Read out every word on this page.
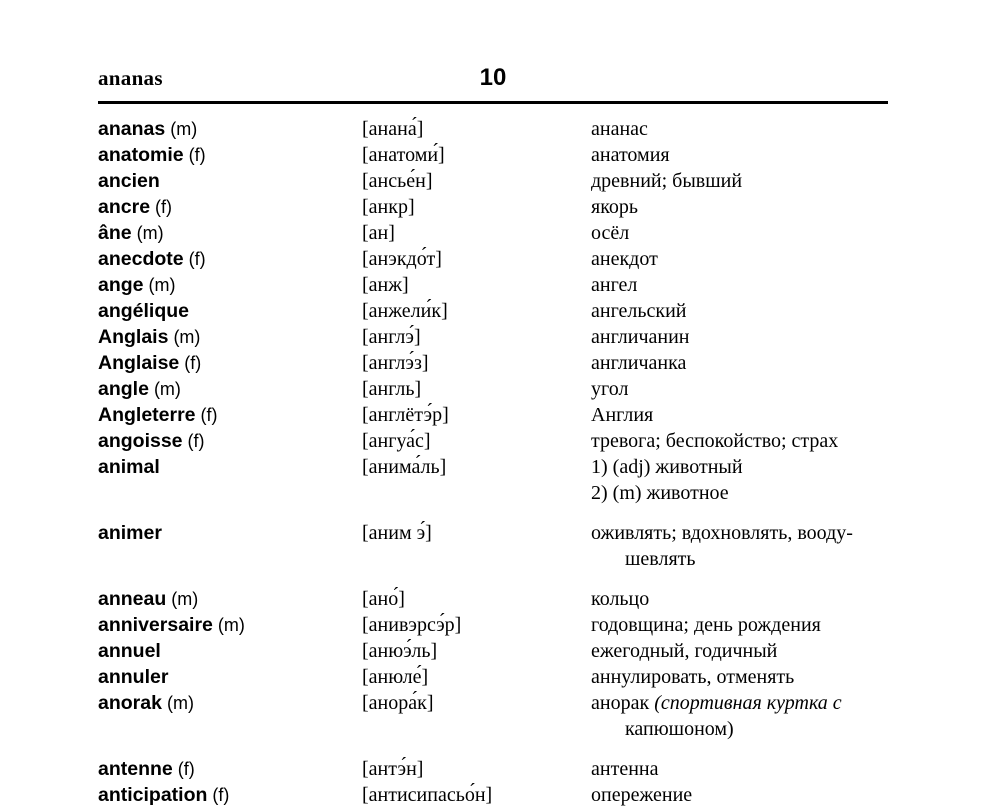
ananas	10
ananas (m)	[анана́]	ананас
anatomie (f)	[анатоми́]	анатомия
ancien	[ансье́н]	древний; бывший
ancre (f)	[анкр]	якорь
âne (m)	[ан]	осёл
anecdote (f)	[анэкдо́т]	анекдот
ange (m)	[анж]	ангел
angélique	[анжели́к]	ангельский
Anglais (m)	[англэ́]	англичанин
Anglaise (f)	[англэ́з]	англичанка
angle (m)	[англь]	угол
Angleterre (f)	[англётэ́р]	Англия
angoisse (f)	[ангуа́с]	тревога; беспокойство; страх
animal	[анима́ль]	1) (adj) животный
2) (m) животное
animer	[аним э́]	оживлять; вдохновлять, вооду-
шевлять
anneau (m)	[ано́]	кольцо
anniversaire (m)	[анивэрсэ́р]	годовщина; день рождения
annuel	[анюэ́ль]	ежегодный, годичный
annuler	[анюле́]	аннулировать, отменять
anorak (m)	[анора́к]	анорак (спортивная куртка с
капюшоном)
antenne (f)	[антэ́н]	антенна
anticipation (f)	[антисипасьо́н]	опережение
